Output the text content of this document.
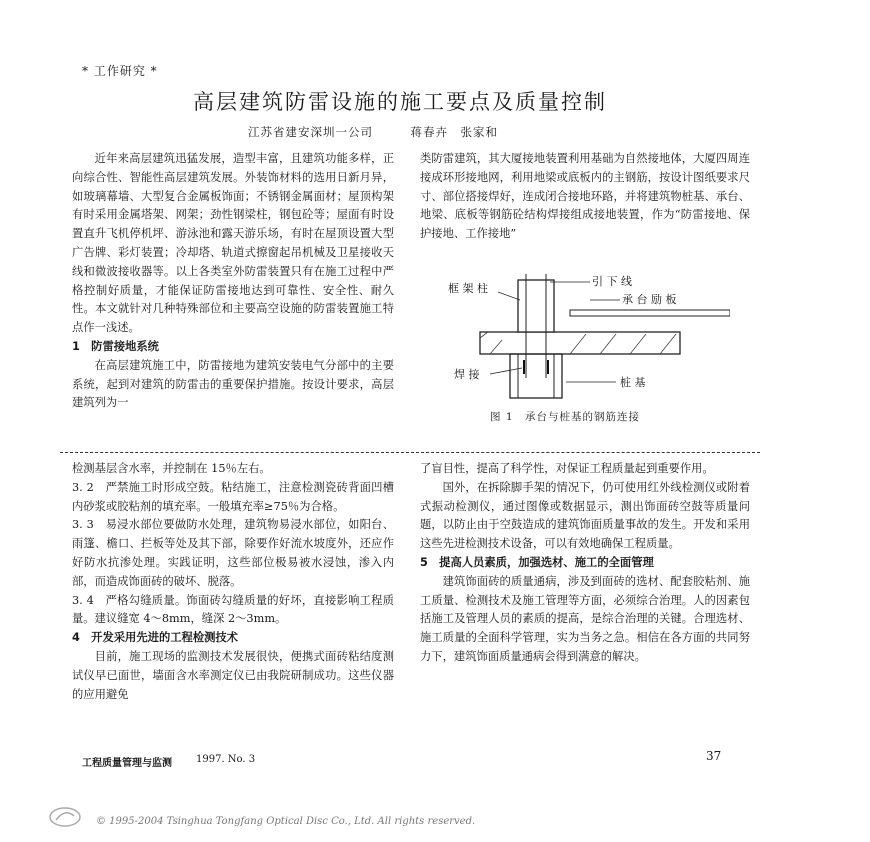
* 工作研究 *
高层建筑防雷设施的施工要点及质量控制
江苏省建安深圳一公司　　　蒋春卉　张家和

近年来高层建筑迅猛发展，造型丰富，且建筑功能多样，正向综合性、智能性高层建筑发展。外装饰材料的选用日新月异，如玻璃幕墙、大型复合金属板饰面；不锈钢金属面材；屋顶构架有时采用金属塔架、网架；劲性钢梁柱，钢包砼等；屋面有时设置直升飞机停机坪、游泳池和露天游乐场，有时在屋顶设置大型广告牌、彩灯装置；冷却塔、轨道式擦窗起吊机械及卫星接收天线和微波接收器等。以上各类室外防雷装置只有在施工过程中严格控制好质量，才能保证防雷接地达到可靠性、安全性、耐久性。本文就针对几种特殊部位和主要高空设施的防雷装置施工特点作一浅述。

1　防雷接地系统

在高层建筑施工中，防雷接地为建筑安装电气分部中的主要系统，起到对建筑的防雷击的重要保护措施。按设计要求，高层建筑列为一

类防雷建筑，其大厦接地装置利用基础为自然接地体，大厦四周连接成环形接地网，利用地梁或底板内的主钢筋，按设计图纸要求尺寸、部位搭接焊好，连成闭合接地环路，并将建筑物桩基、承台、地梁、底板等钢筋砼结构焊接组成接地装置，作为“防雷接地、保护接地、工作接地”

框 架 柱
引 下 线
承 台 励 板
焊 接
桩 基
图 1　承台与桩基的钢筋连接

检测基层含水率，并控制在 15％左右。

3. 2　严禁施工时形成空鼓。粘结施工，注意检测瓷砖背面凹槽内砂浆或胶粘剂的填充率。一般填充率≥75％为合格。

3. 3　易浸水部位要做防水处理，建筑物易浸水部位，如阳台、雨篷、檐口、拦板等处及其下部，除要作好流水坡度外，还应作好防水抗渗处理。实践证明，这些部位极易被水浸蚀，渗入内部，而造成饰面砖的破坏、脱落。

3. 4　严格勾缝质量。饰面砖勾缝质量的好坏，直接影响工程质量。建议缝宽 4～8mm，缝深 2～3mm。

4　开发采用先进的工程检测技术

目前，施工现场的监测技术发展很快，便携式面砖粘结度测试仪早已面世，墙面含水率测定仪已由我院研制成功。这些仪器的应用避免

了盲目性，提高了科学性，对保证工程质量起到重要作用。

国外，在拆除脚手架的情况下，仍可使用红外线检测仪或附着式振动检测仪，通过图像或数据显示，测出饰面砖空鼓等质量问题，以防止由于空鼓造成的建筑饰面质量事故的发生。开发和采用这些先进检测技术设备，可以有效地确保工程质量。

5　提高人员素质，加强选材、施工的全面管理

建筑饰面砖的质量通病，涉及到面砖的选材、配套胶粘剂、施工质量、检测技术及施工管理等方面，必须综合治理。人的因素包括施工及管理人员的素质的提高，是综合治理的关键。合理选材、施工质量的全面科学管理，实为当务之急。相信在各方面的共同努力下，建筑饰面质量通病会得到满意的解决。

工程质量管理与监测 1997. No. 3	37
© 1995-2004 Tsinghua Tongfang Optical Disc Co., Ltd. All rights reserved.
